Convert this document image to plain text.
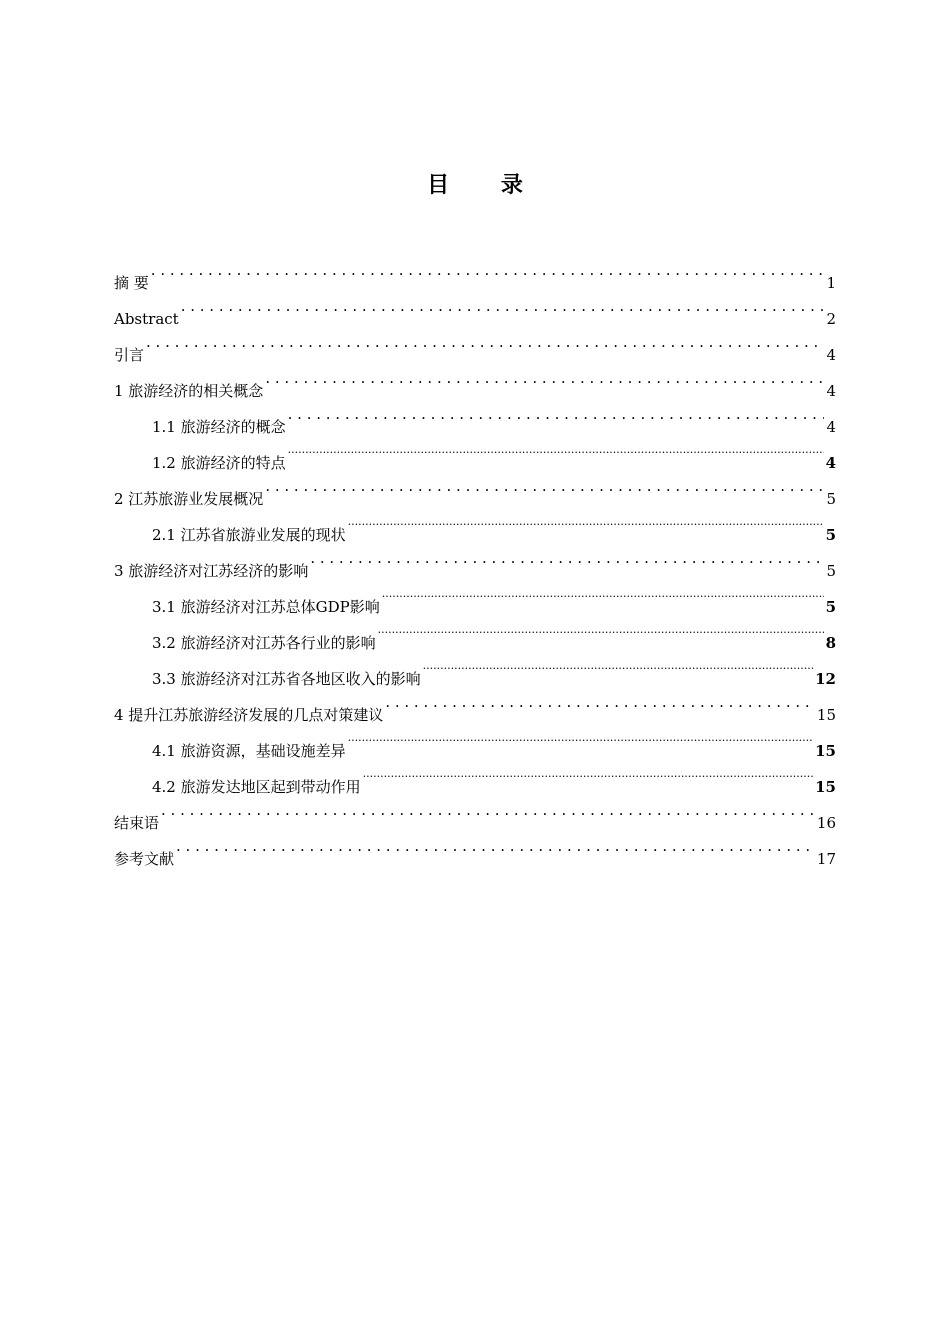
目 录
摘 要 . . .	1
Abstract . . .	2
引言 . . .	4
1 旅游经济的相关概念 . . .	4
1.1 旅游经济的概念 . . .	4
1.2 旅游经济的特点 .....	4
2 江苏旅游业发展概况 . . .	5
2.1 江苏省旅游业发展的现状 .....	5
3 旅游经济对江苏经济的影响 . . .	5
3.1 旅游经济对江苏总体GDP影响 .....	5
3.2 旅游经济对江苏各行业的影响 .....	8
3.3 旅游经济对江苏省各地区收入的影响 .....	12
4 提升江苏旅游经济发展的几点对策建议 . . .	15
4.1 旅游资源，基础设施差异 .....	15
4.2 旅游发达地区起到带动作用 .....	15
结束语 . . .	16
参考文献 . . .	17
